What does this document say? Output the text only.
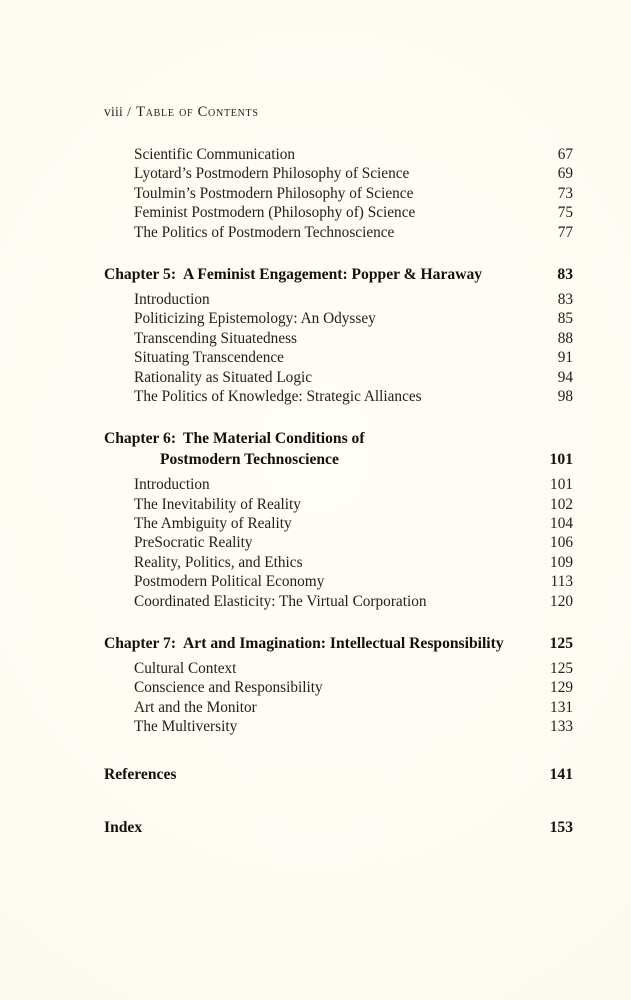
viii / Table of Contents
Scientific Communication	67
Lyotard’s Postmodern Philosophy of Science	69
Toulmin’s Postmodern Philosophy of Science	73
Feminist Postmodern (Philosophy of) Science	75
The Politics of Postmodern Technoscience	77
Chapter 5: A Feminist Engagement: Popper & Haraway	83
Introduction	83
Politicizing Epistemology: An Odyssey	85
Transcending Situatedness	88
Situating Transcendence	91
Rationality as Situated Logic	94
The Politics of Knowledge: Strategic Alliances	98
Chapter 6: The Material Conditions of
Postmodern Technoscience	101
Introduction	101
The Inevitability of Reality	102
The Ambiguity of Reality	104
PreSocratic Reality	106
Reality, Politics, and Ethics	109
Postmodern Political Economy	113
Coordinated Elasticity: The Virtual Corporation	120
Chapter 7: Art and Imagination: Intellectual Responsibility	125
Cultural Context	125
Conscience and Responsibility	129
Art and the Monitor	131
The Multiversity	133
References	141
Index	153
